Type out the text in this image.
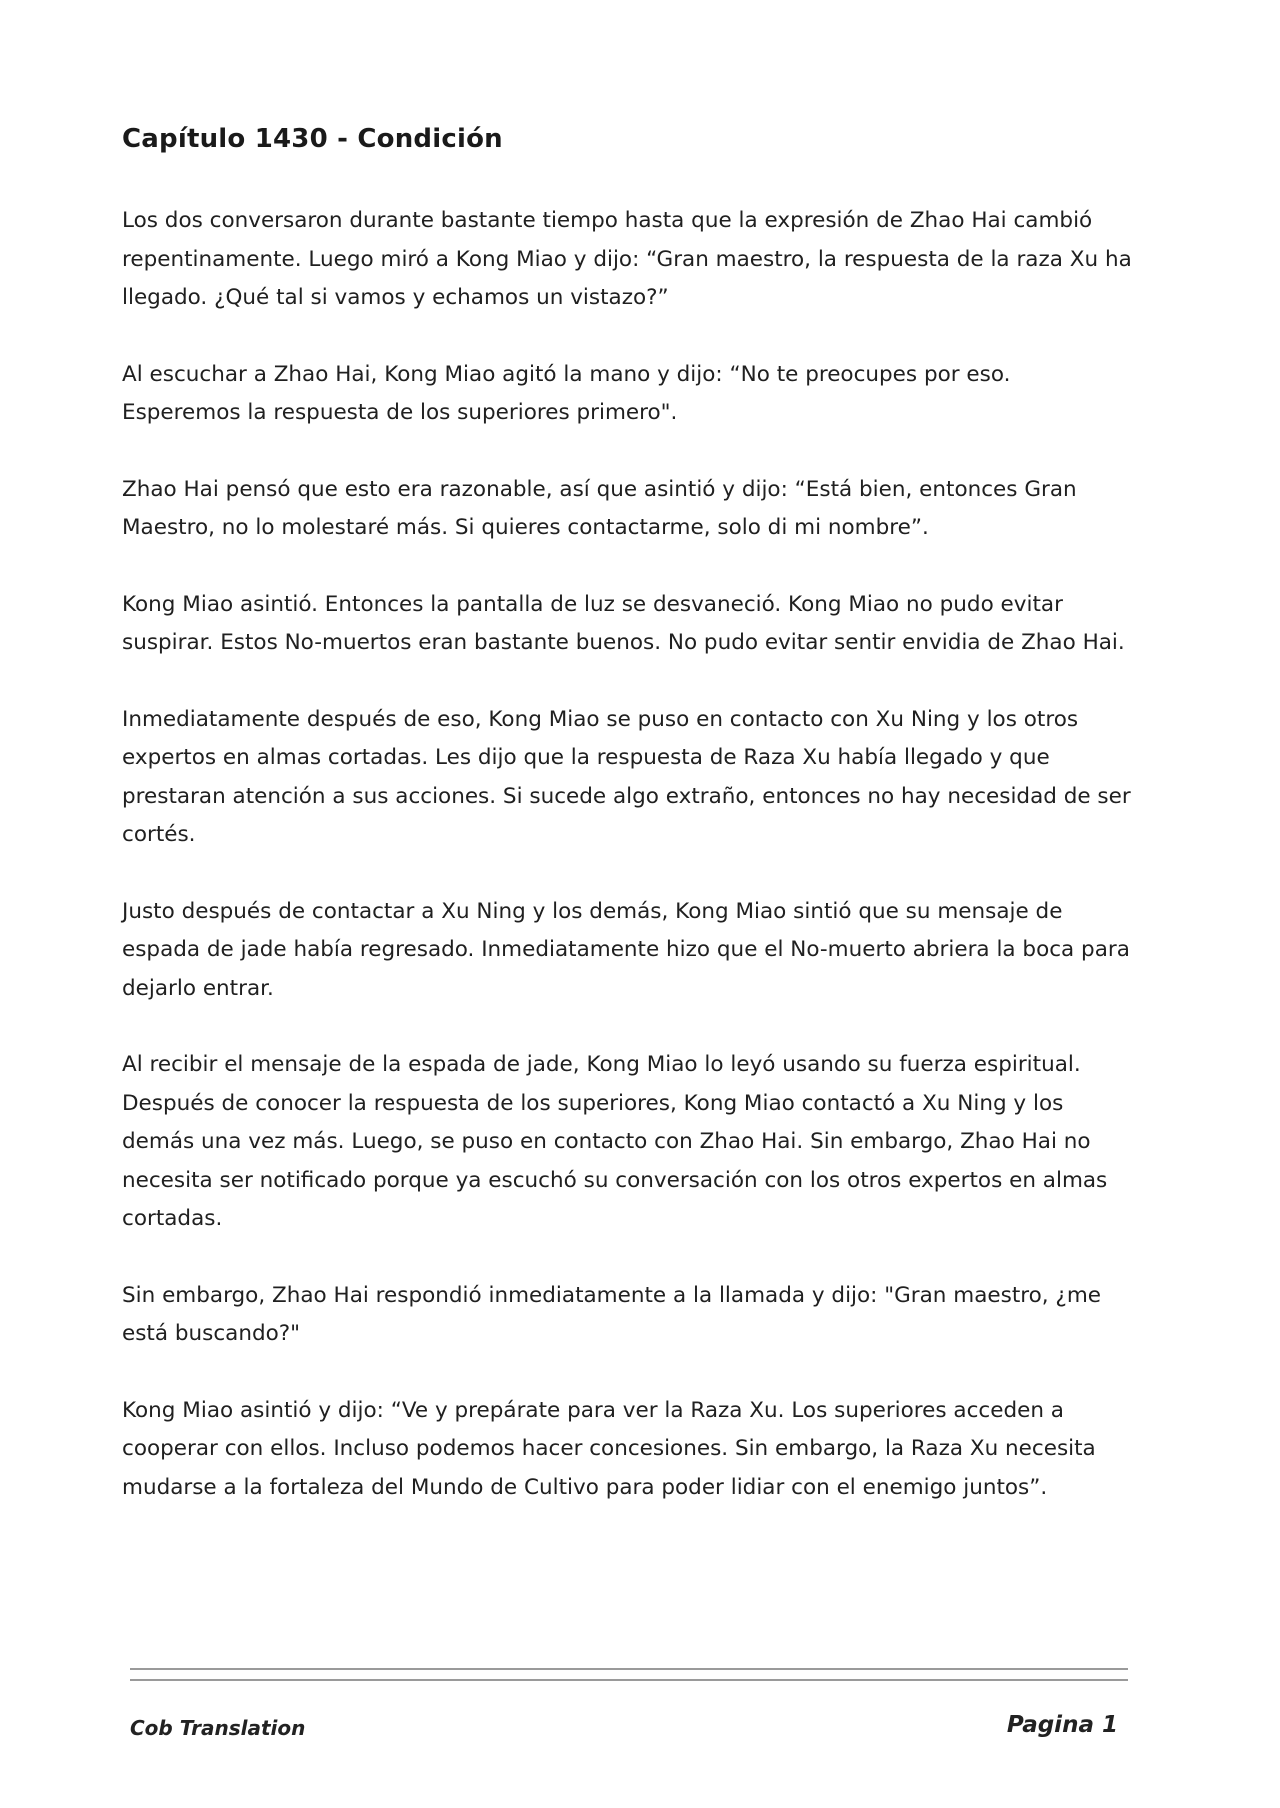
Capítulo 1430 - Condición

Los dos conversaron durante bastante tiempo hasta que la expresión de Zhao Hai cambió repentinamente. Luego miró a Kong Miao y dijo: “Gran maestro, la respuesta de la raza Xu ha llegado. ¿Qué tal si vamos y echamos un vistazo?”

Al escuchar a Zhao Hai, Kong Miao agitó la mano y dijo: “No te preocupes por eso. Esperemos la respuesta de los superiores primero".

Zhao Hai pensó que esto era razonable, así que asintió y dijo: “Está bien, entonces Gran Maestro, no lo molestaré más. Si quieres contactarme, solo di mi nombre”.

Kong Miao asintió. Entonces la pantalla de luz se desvaneció. Kong Miao no pudo evitar suspirar. Estos No-muertos eran bastante buenos. No pudo evitar sentir envidia de Zhao Hai.

Inmediatamente después de eso, Kong Miao se puso en contacto con Xu Ning y los otros expertos en almas cortadas. Les dijo que la respuesta de Raza Xu había llegado y que prestaran atención a sus acciones. Si sucede algo extraño, entonces no hay necesidad de ser cortés.

Justo después de contactar a Xu Ning y los demás, Kong Miao sintió que su mensaje de espada de jade había regresado. Inmediatamente hizo que el No-muerto abriera la boca para dejarlo entrar.

Al recibir el mensaje de la espada de jade, Kong Miao lo leyó usando su fuerza espiritual. Después de conocer la respuesta de los superiores, Kong Miao contactó a Xu Ning y los demás una vez más. Luego, se puso en contacto con Zhao Hai. Sin embargo, Zhao Hai no necesita ser notificado porque ya escuchó su conversación con los otros expertos en almas cortadas.

Sin embargo, Zhao Hai respondió inmediatamente a la llamada y dijo: "Gran maestro, ¿me está buscando?"

Kong Miao asintió y dijo: “Ve y prepárate para ver la Raza Xu. Los superiores acceden a cooperar con ellos. Incluso podemos hacer concesiones. Sin embargo, la Raza Xu necesita mudarse a la fortaleza del Mundo de Cultivo para poder lidiar con el enemigo juntos”.

Cob Translation	Pagina 1
